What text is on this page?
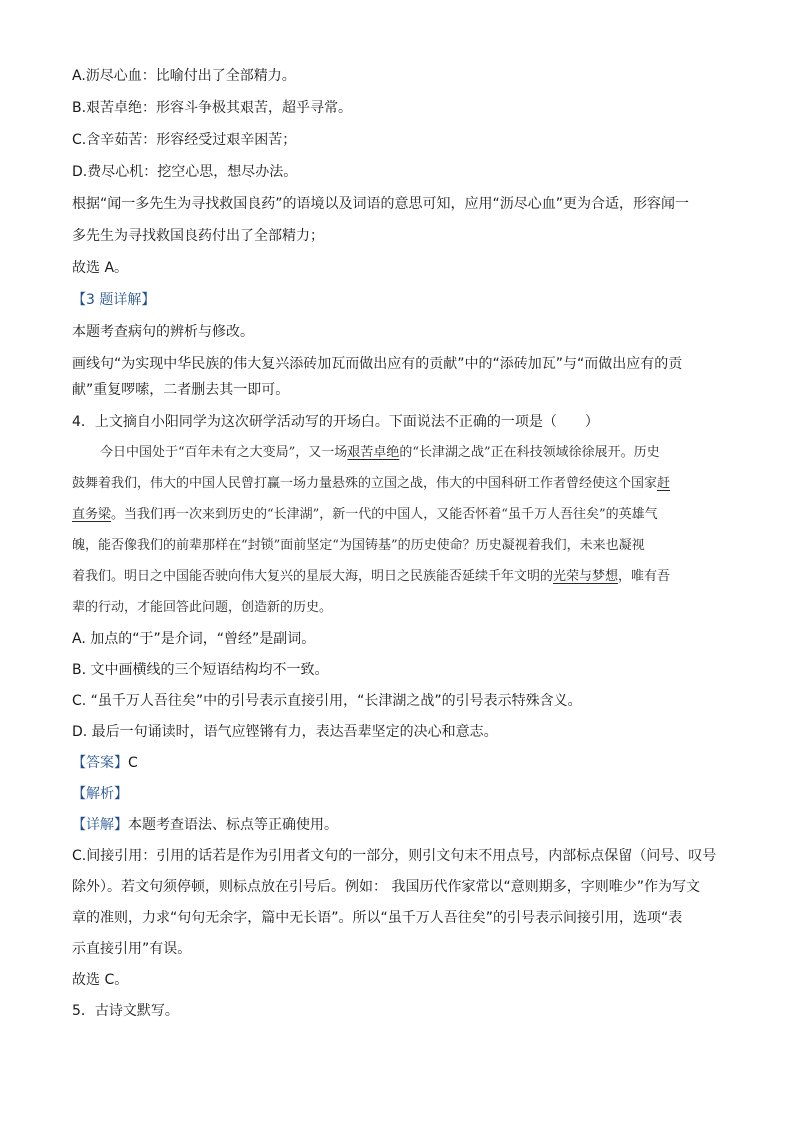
A.沥尽心血：比喻付出了全部精力。
B.艰苦卓绝：形容斗争极其艰苦，超乎寻常。
C.含辛茹苦：形容经受过艰辛困苦；
D.费尽心机：挖空心思，想尽办法。
根据“闻一多先生为寻找救国良药”的语境以及词语的意思可知，应用“沥尽心血”更为合适，形容闻一
多先生为寻找救国良药付出了全部精力；
故选 A。
【3 题详解】
本题考查病句的辨析与修改。
画线句“为实现中华民族的伟大复兴添砖加瓦而做出应有的贡献”中的“添砖加瓦”与“而做出应有的贡
献”重复啰嗦，二者删去其一即可。
4．上文摘自小阳同学为这次研学活动写的开场白。下面说法不正确的一项是（　　）
今日中国处于“百年未有之大变局”，又一场艰苦卓绝的“长津湖之战”正在科技领域徐徐展开。历史
鼓舞着我们，伟大的中国人民曾打赢一场力量悬殊的立国之战，伟大的中国科研工作者曾经使这个国家赶
直务梁。当我们再一次来到历史的“长津湖”，新一代的中国人，又能否怀着“虽千万人吾往矣”的英雄气
魄，能否像我们的前辈那样在“封锁”面前坚定“为国铸基”的历史使命？历史凝视着我们，未来也凝视
着我们。明日之中国能否驶向伟大复兴的星辰大海，明日之民族能否延续千年文明的光荣与梦想，唯有吾
辈的行动，才能回答此问题，创造新的历史。
A. 加点的“于”是介词，“曾经”是副词。
B. 文中画横线的三个短语结构均不一致。
C. “虽千万人吾往矣”中的引号表示直接引用，“长津湖之战”的引号表示特殊含义。
D. 最后一句诵读时，语气应铿锵有力，表达吾辈坚定的决心和意志。
【答案】C
【解析】
【详解】本题考查语法、标点等正确使用。
C.间接引用：引用的话若是作为引用者文句的一部分，则引文句末不用点号，内部标点保留（问号、叹号
除外）。若文句须停顿，则标点放在引号后。例如： 我国历代作家常以“意则期多，字则唯少”作为写文
章的准则，力求“句句无余字，篇中无长语”。所以“虽千万人吾往矣”的引号表示间接引用，选项“表
示直接引用”有误。
故选 C。
5．古诗文默写。
